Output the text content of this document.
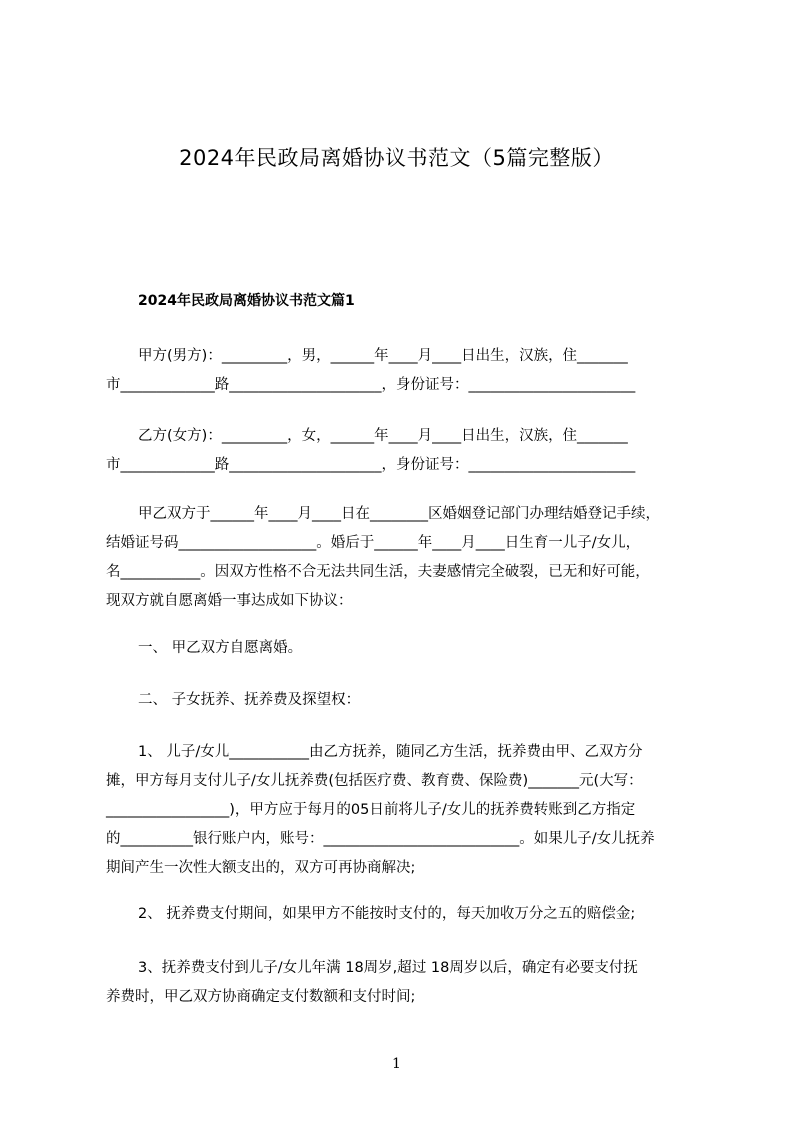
2024年民政局离婚协议书范文（5篇完整版）
2024年民政局离婚协议书范文篇1
甲方(男方)：_________，男，______年____月____日出生，汉族，住_______
市_____________路_____________________，身份证号：_______________________
乙方(女方)：_________，女，______年____月____日出生，汉族，住_______
市_____________路_____________________，身份证号：_______________________
甲乙双方于______年____月____日在________区婚姻登记部门办理结婚登记手续，
结婚证号码___________________。婚后于______年____月____日生育一儿子/女儿，
名___________。因双方性格不合无法共同生活，夫妻感情完全破裂，已无和好可能，
现双方就自愿离婚一事达成如下协议：
一、 甲乙双方自愿离婚。
二、 子女抚养、抚养费及探望权：
1、 儿子/女儿___________由乙方抚养，随同乙方生活，抚养费由甲、乙双方分
摊，甲方每月支付儿子/女儿抚养费(包括医疗费、教育费、保险费)_______元(大写：
_________________)，甲方应于每月的05日前将儿子/女儿的抚养费转账到乙方指定
的__________银行账户内，账号：___________________________。如果儿子/女儿抚养
期间产生一次性大额支出的，双方可再协商解决;
2、 抚养费支付期间，如果甲方不能按时支付的，每天加收万分之五的赔偿金;
3、抚养费支付到儿子/女儿年满 18周岁,超过 18周岁以后，确定有必要支付抚
养费时，甲乙双方协商确定支付数额和支付时间;
1
